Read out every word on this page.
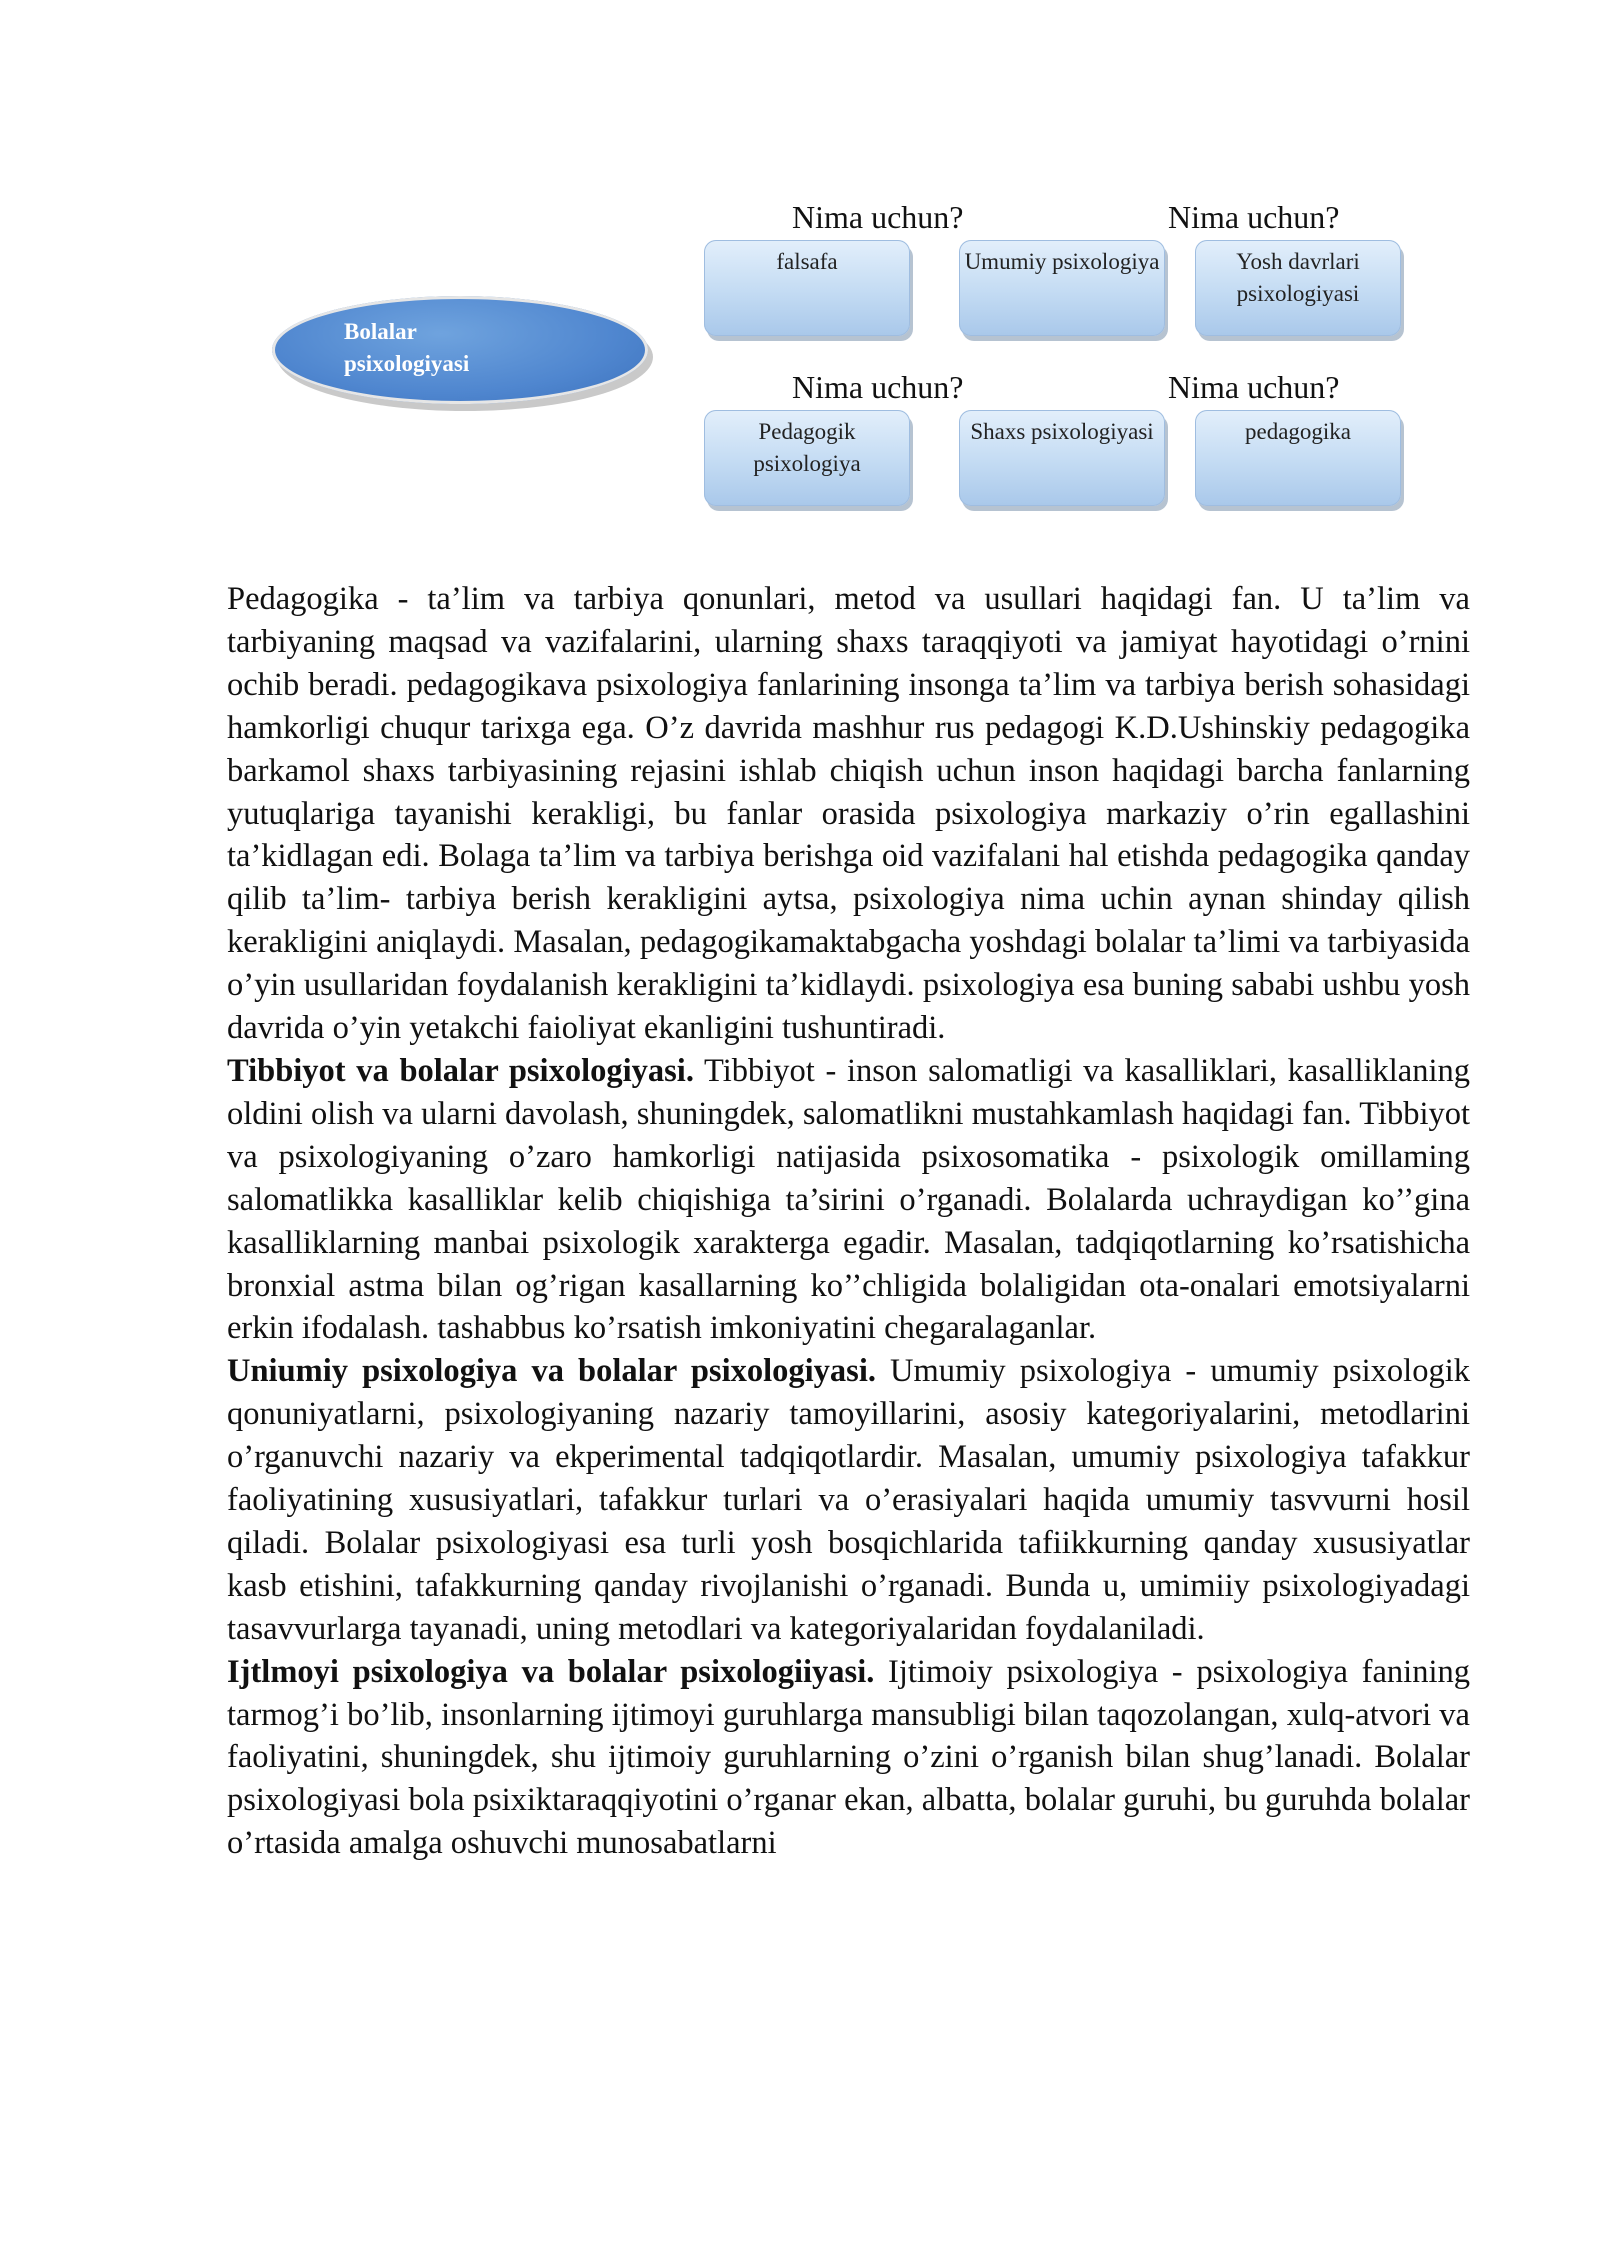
Bolalar psixologiyasi
Nima uchun?	Nima uchun?
Nima uchun?	Nima uchun?
falsafa	Umumiy psixologiya	Yosh davrlari psixologiyasi
Pedagogik psixologiya
Shaxs psixologiyasi	pedagogika

Pedagogika - ta’lim va tarbiya qonunlari, metod va usullari haqidagi fan. U ta’lim va tarbiyaning maqsad va vazifalarini, ularning shaxs taraqqiyoti va jamiyat hayotidagi o’rnini ochib beradi. pedagogikava psixologiya fanlarining insonga ta’lim va tarbiya berish sohasidagi hamkorligi chuqur tarixga ega. O’z davrida mashhur rus pedagogi K.D.Ushinskiy pedagogika barkamol shaxs tarbiyasining rejasini ishlab chiqish uchun inson haqidagi barcha fanlarning yutuqlariga tayanishi kerakligi, bu fanlar orasida psixologiya markaziy o’rin egallashini ta’kidlagan edi. Bolaga ta’lim va tarbiya berishga oid vazifalani hal etishda pedagogika qanday qilib ta’lim- tarbiya berish kerakligini aytsa, psixologiya nima uchin aynan shinday qilish kerakligini aniqlaydi. Masalan, pedagogikamaktabgacha yoshdagi bolalar ta’limi va tarbiyasida o’yin usullaridan foydalanish kerakligini ta’kidlaydi. psixologiya esa buning sababi ushbu yosh davrida o’yin yetakchi faioliyat ekanligini tushuntiradi.

Tibbiyot va bolalar psixologiyasi. Tibbiyot - inson salomatligi va kasalliklari, kasalliklaning oldini olish va ularni davolash, shuningdek, salomatlikni mustahkamlash haqidagi fan. Tibbiyot va psixologiyaning o’zaro hamkorligi natijasida psixosomatika - psixologik omillaming salomatlikka kasalliklar kelib chiqishiga ta’sirini o’rganadi. Bolalarda uchraydigan ko’’gina kasalliklarning manbai psixologik xarakterga egadir. Masalan, tadqiqotlarning ko’rsatishicha bronxial astma bilan og’rigan kasallarning ko’’chligida bolaligidan ota-onalari emotsiyalarni erkin ifodalash. tashabbus ko’rsatish imkoniyatini chegaralaganlar.

Uniumiy psixologiya va bolalar psixologiyasi. Umumiy psixologiya - umumiy psixologik qonuniyatlarni, psixologiyaning nazariy tamoyillarini, asosiy kategoriyalarini, metodlarini o’rganuvchi nazariy va ekperimental tadqiqotlardir. Masalan, umumiy psixologiya tafakkur faoliyatining xususiyatlari, tafakkur turlari va o’erasiyalari haqida umumiy tasvvurni hosil qiladi. Bolalar psixologiyasi esa turli yosh bosqichlarida tafiikkurning qanday xususiyatlar kasb etishini, tafakkurning qanday rivojlanishi o’rganadi. Bunda u, umimiiy psixologiyadagi tasavvurlarga tayanadi, uning metodlari va kategoriyalaridan foydalaniladi.

Ijtlmoyi psixologiya va bolalar psixologiiyasi. Ijtimoiy psixologiya - psixologiya fanining tarmog’i bo’lib, insonlarning ijtimoyi guruhlarga mansubligi bilan taqozolangan, xulq-atvori va faoliyatini, shuningdek, shu ijtimoiy guruhlarning o’zini o’rganish bilan shug’lanadi. Bolalar psixologiyasi bola psixiktaraqqiyotini o’rganar ekan, albatta, bolalar guruhi, bu guruhda bolalar o’rtasida amalga oshuvchi munosabatlarni
